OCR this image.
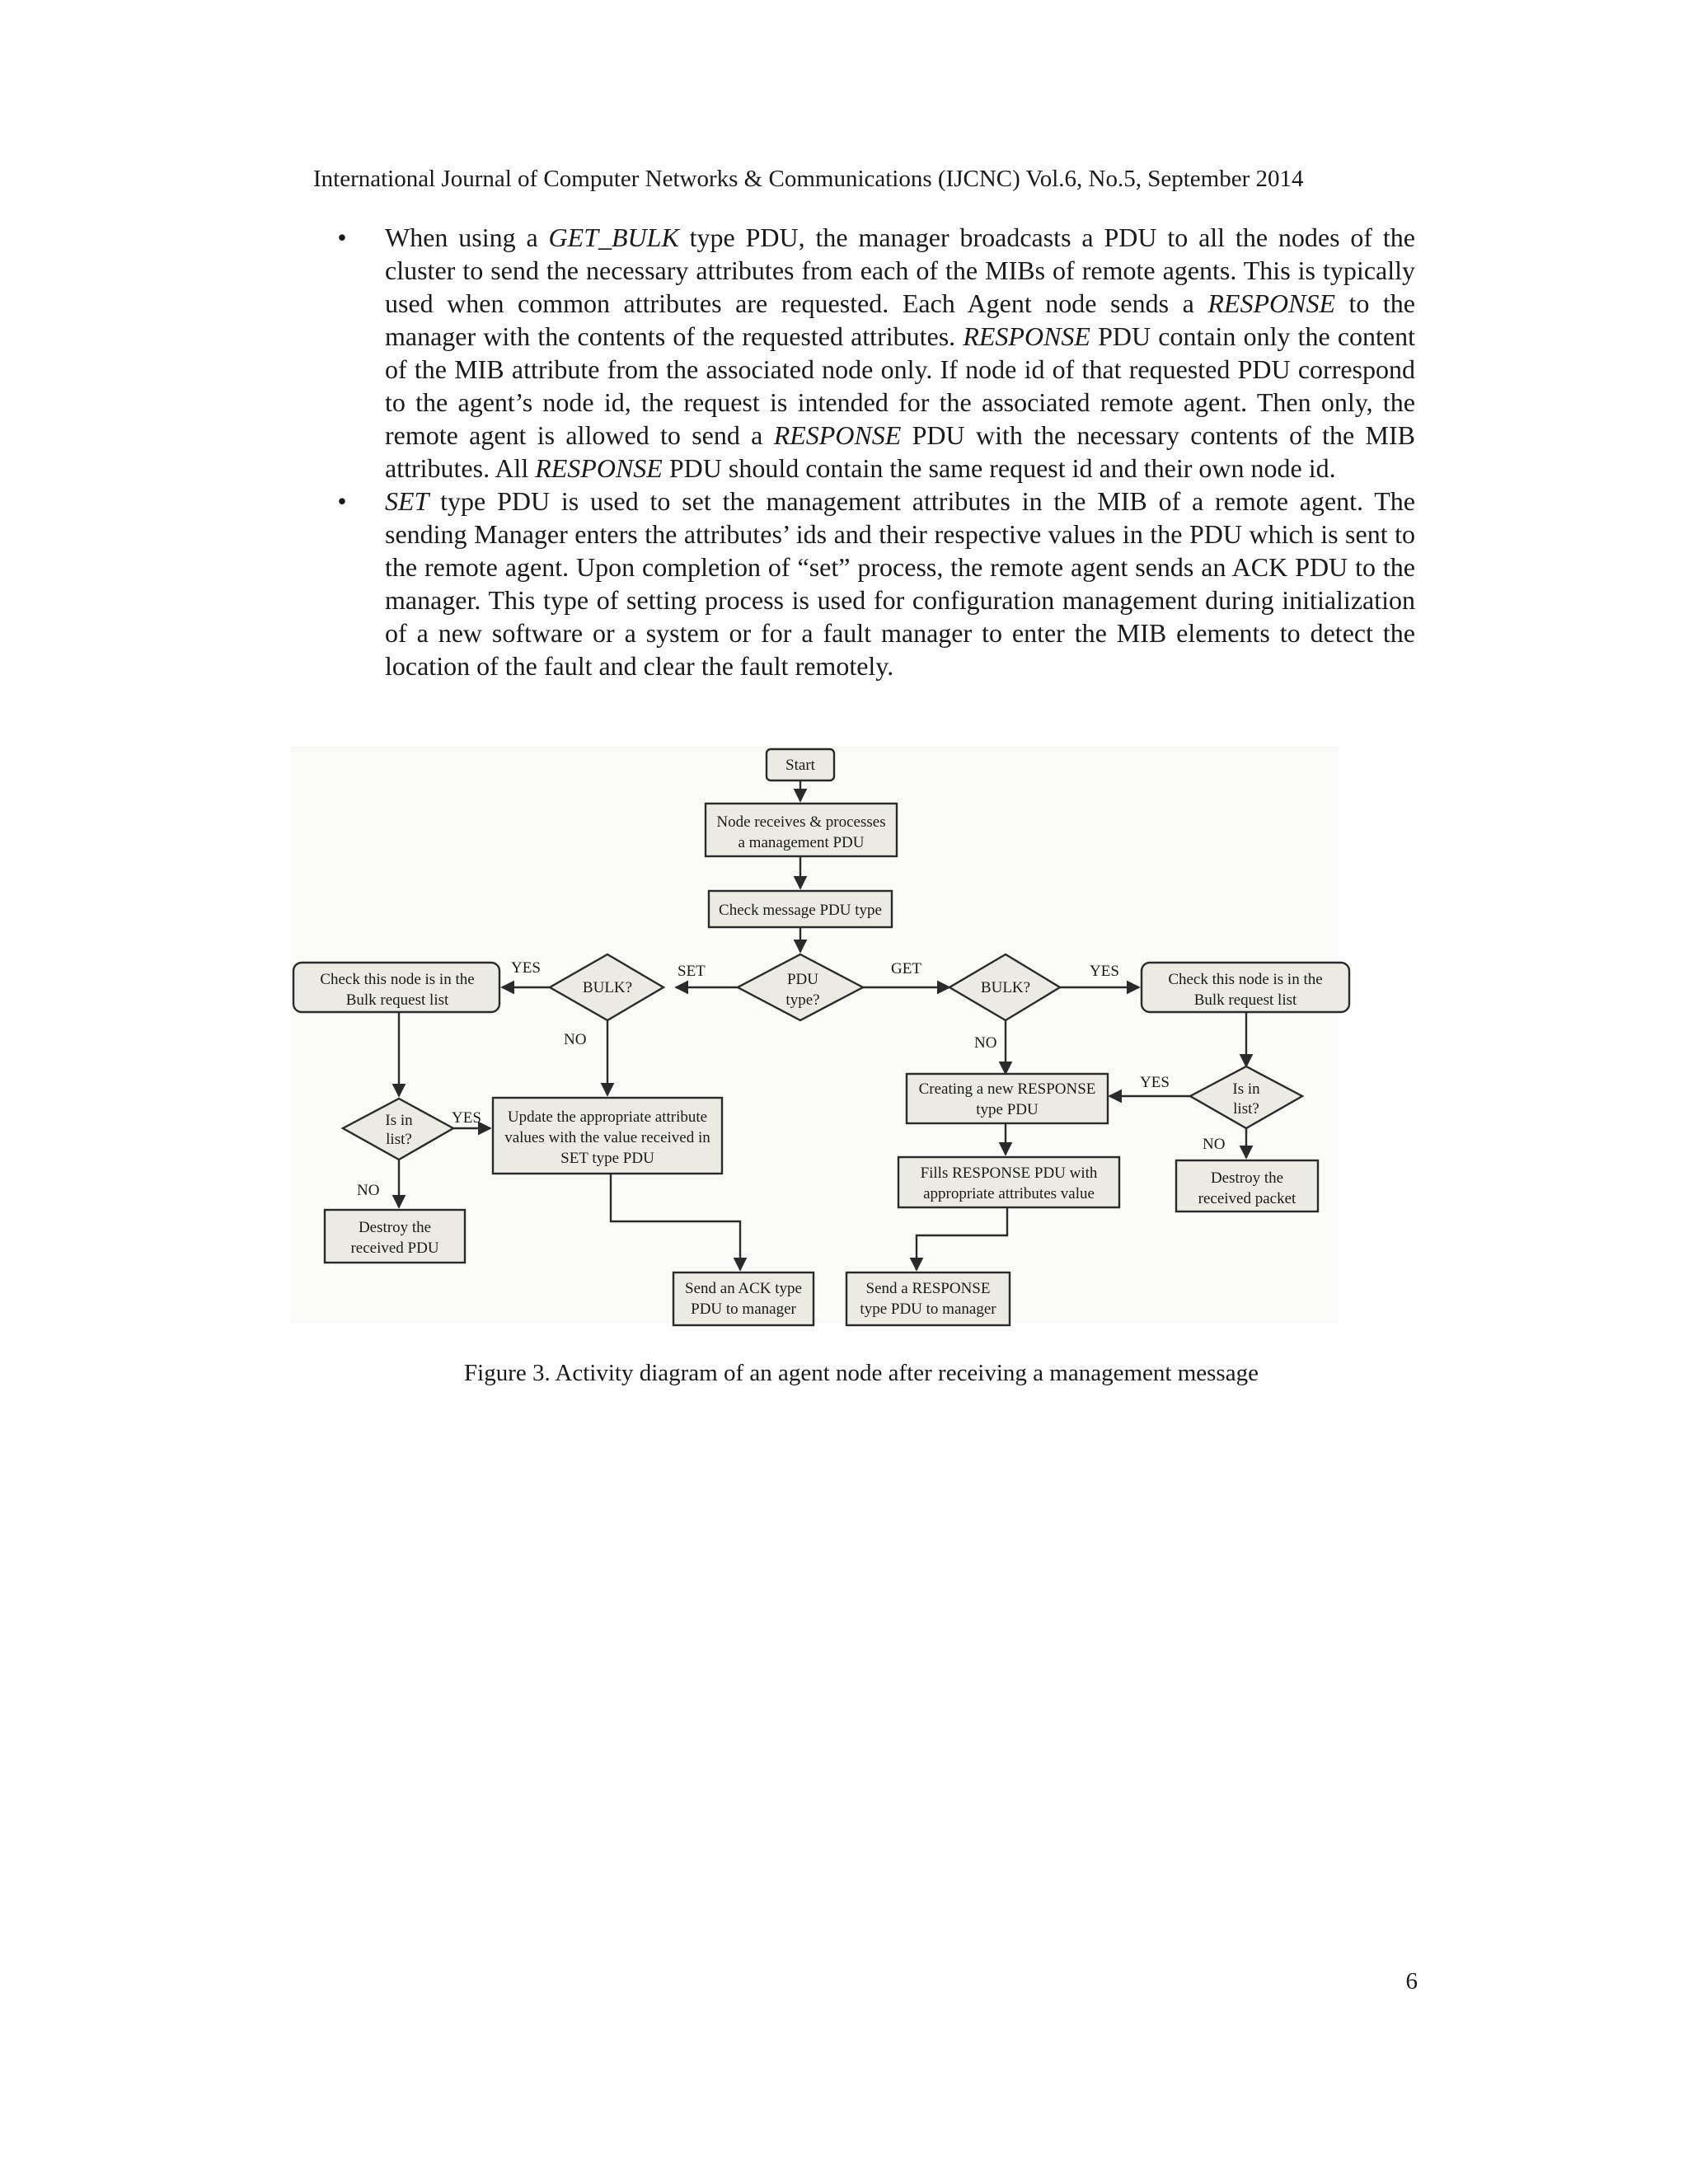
International Journal of Computer Networks & Communications (IJCNC) Vol.6, No.5, September 2014
• When using a GET_BULK type PDU, the manager broadcasts a PDU to all the nodes of the cluster to send the necessary attributes from each of the MIBs of remote agents. This is typically used when common attributes are requested. Each Agent node sends a RESPONSE to the manager with the contents of the requested attributes. RESPONSE PDU contain only the content of the MIB attribute from the associated node only. If node id of that requested PDU correspond to the agent’s node id, the request is intended for the associated remote agent. Then only, the remote agent is allowed to send a RESPONSE PDU with the necessary contents of the MIB attributes. All RESPONSE PDU should contain the same request id and their own node id.
• SET type PDU is used to set the management attributes in the MIB of a remote agent. The sending Manager enters the attributes’ ids and their respective values in the PDU which is sent to the remote agent. Upon completion of “set” process, the remote agent sends an ACK PDU to the manager. This type of setting process is used for configuration management during initialization of a new software or a system or for a fault manager to enter the MIB elements to detect the location of the fault and clear the fault remotely.
Start
Node receives & processes
a management PDU
Check message PDU type
PDU
type?
BULK?	BULK?
Check this node is in the
Bulk request list
Check this node is in the
Bulk request list
Is in
list?
Is in
list?
Update the appropriate attribute
values with the value received in
SET type PDU
Destroy the
received PDU
Creating a new RESPONSE
type PDU
Fills RESPONSE PDU with
appropriate attributes value
Destroy the
received packet
Send an ACK type
PDU to manager
Send a RESPONSE
type PDU to manager
YES	SET	GET	YES
NO	NO
YES
YES
NO
NO
Figure 3. Activity diagram of an agent node after receiving a management message
6
